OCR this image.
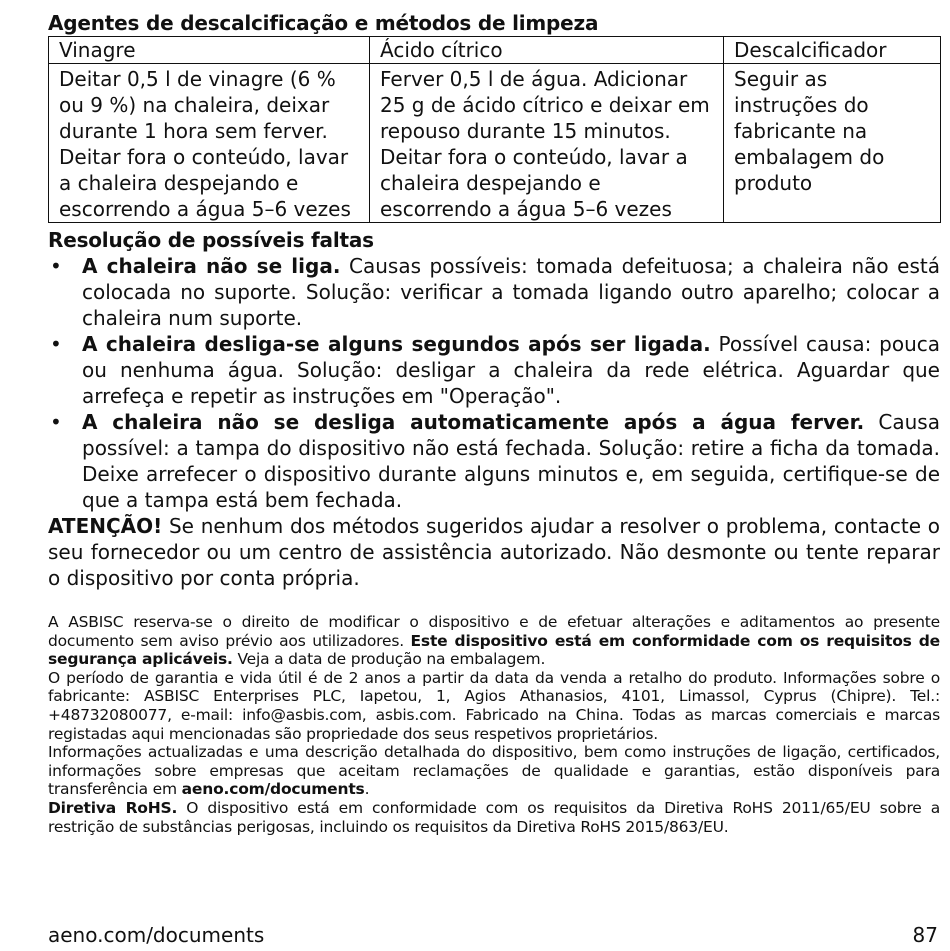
Agentes de descalcificação e métodos de limpeza

Vinagre	Ácido cítrico	Descalcificador
Deitar 0,5 l de vinagre (6 % ou 9 %) na chaleira, deixar durante 1 hora sem ferver. Deitar fora o conteúdo, lavar a chaleira despejando e escorrendo a água 5–6 vezes	Ferver 0,5 l de água. Adicionar 25 g de ácido cítrico e deixar em repouso durante 15 minutos. Deitar fora o conteúdo, lavar a chaleira despejando e escorrendo a água 5–6 vezes	Seguir as instruções do fabricante na embalagem do produto

Resolução de possíveis faltas

• A chaleira não se liga. Causas possíveis: tomada defeituosa; a chaleira não está colocada no suporte. Solução: verificar a tomada ligando outro aparelho; colocar a chaleira num suporte.
• A chaleira desliga-se alguns segundos após ser ligada. Possível causa: pouca ou nenhuma água. Solução: desligar a chaleira da rede elétrica. Aguardar que arrefeça e repetir as instruções em "Operação".
• A chaleira não se desliga automaticamente após a água ferver. Causa possível: a tampa do dispositivo não está fechada. Solução: retire a ficha da tomada. Deixe arrefecer o dispositivo durante alguns minutos e, em seguida, certifique-se de que a tampa está bem fechada.

ATENÇÃO! Se nenhum dos métodos sugeridos ajudar a resolver o problema, contacte o seu fornecedor ou um centro de assistência autorizado. Não desmonte ou tente reparar o dispositivo por conta própria.

A ASBISC reserva-se o direito de modificar o dispositivo e de efetuar alterações e aditamentos ao presente documento sem aviso prévio aos utilizadores. Este dispositivo está em conformidade com os requisitos de segurança aplicáveis. Veja a data de produção na embalagem.

O período de garantia e vida útil é de 2 anos a partir da data da venda a retalho do produto. Informações sobre o fabricante: ASBISC Enterprises PLC, Iapetou, 1, Agios Athanasios, 4101, Limassol, Cyprus (Chipre). Tel.: +48732080077, e-mail: info@asbis.com, asbis.com. Fabricado na China. Todas as marcas comerciais e marcas registadas aqui mencionadas são propriedade dos seus respetivos proprietários.

Informações actualizadas e uma descrição detalhada do dispositivo, bem como instruções de ligação, certificados, informações sobre empresas que aceitam reclamações de qualidade e garantias, estão disponíveis para transferência em aeno.com/documents.

Diretiva RoHS. O dispositivo está em conformidade com os requisitos da Diretiva RoHS 2011/65/EU sobre a restrição de substâncias perigosas, incluindo os requisitos da Diretiva RoHS 2015/863/EU.

aeno.com/documents	87
